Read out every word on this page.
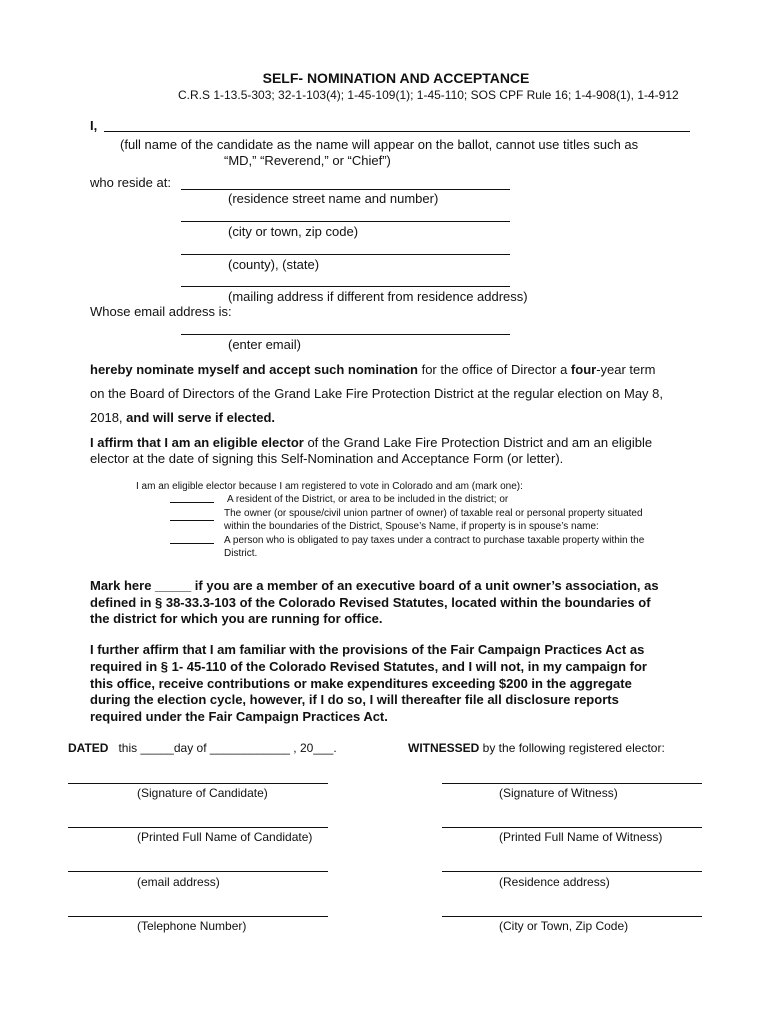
SELF- NOMINATION AND ACCEPTANCE
C.R.S 1-13.5-303; 32-1-103(4); 1-45-109(1); 1-45-110; SOS CPF Rule 16; 1-4-908(1), 1-4-912
I,
(full name of the candidate as the name will appear on the ballot, cannot use titles such as
“MD,” “Reverend,” or “Chief”)
who reside at:
(residence street name and number)
(city or town, zip code)
(county), (state)
(mailing address if different from residence address)
Whose email address is:
(enter email)
hereby nominate myself and accept such nomination for the office of Director a four-year term
on the Board of Directors of the Grand Lake Fire Protection District at the regular election on May 8,
2018, and will serve if elected.
I affirm that I am an eligible elector of the Grand Lake Fire Protection District and am an eligible
elector at the date of signing this Self-Nomination and Acceptance Form (or letter).
I am an eligible elector because I am registered to vote in Colorado and am (mark one):
A resident of the District, or area to be included in the district; or
The owner (or spouse/civil union partner of owner) of taxable real or personal property situated
within the boundaries of the District, Spouse’s Name, if property is in spouse’s name:
A person who is obligated to pay taxes under a contract to purchase taxable property within the
District.
Mark here _____ if you are a member of an executive board of a unit owner’s association, as
defined in § 38-33.3-103 of the Colorado Revised Statutes, located within the boundaries of
the district for which you are running for office.
I further affirm that I am familiar with the provisions of the Fair Campaign Practices Act as
required in § 1- 45-110 of the Colorado Revised Statutes, and I will not, in my campaign for
this office, receive contributions or make expenditures exceeding $200 in the aggregate
during the election cycle, however, if I do so, I will thereafter file all disclosure reports
required under the Fair Campaign Practices Act.
DATED this _____day of ____________ , 20___.	WITNESSED by the following registered elector:
(Signature of Candidate)
(Printed Full Name of Candidate)
(email address)
(Telephone Number)
(Signature of Witness)
(Printed Full Name of Witness)
(Residence address)
(City or Town, Zip Code)
